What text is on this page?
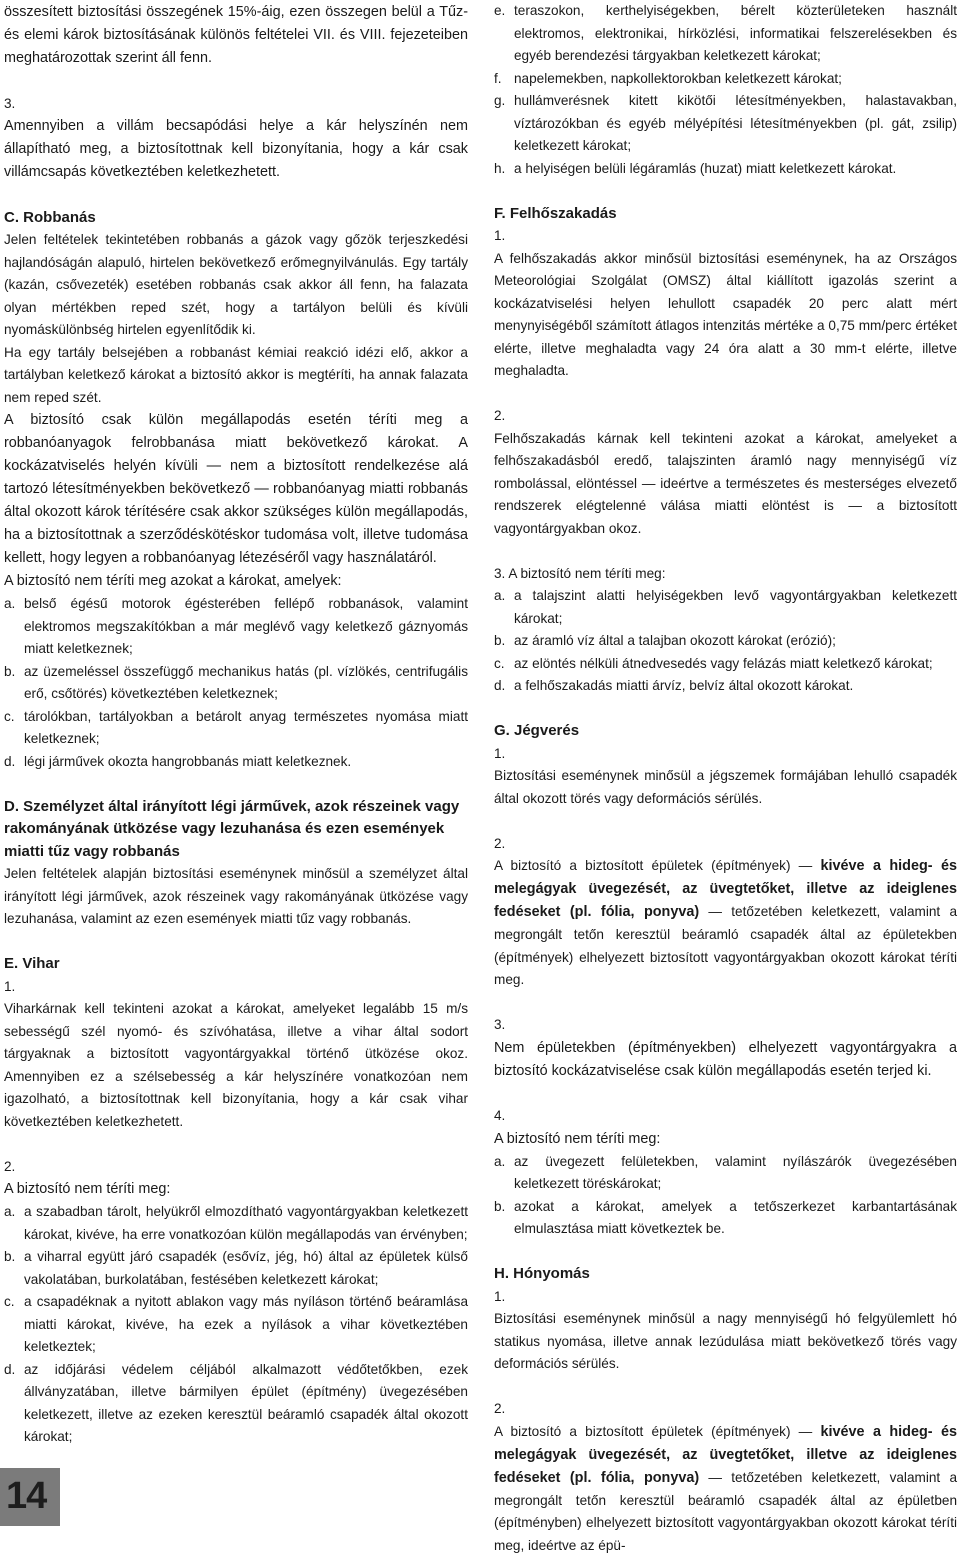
összesített biztosítási összegének 15%-áig, ezen összegen belül a Tűz- és elemi károk biztosításának különös feltételei VII. és VIII. fejezeteiben meghatározottak szerint áll fenn.

3.

Amennyiben a villám becsapódási helye a kár helyszínén nem állapítható meg, a biztosítottnak kell bizonyítania, hogy a kár csak villámcsapás következtében keletkezhetett.

C. Robbanás

Jelen feltételek tekintetében robbanás a gázok vagy gőzök terjeszkedési hajlandóságán alapuló, hirtelen bekövetkező erőmegnyilvánulás. Egy tartály (kazán, csővezeték) esetében robbanás csak akkor áll fenn, ha falazata olyan mértékben reped szét, hogy a tartályon belüli és kívüli nyomáskülönbség hirtelen egyenlítődik ki.

Ha egy tartály belsejében a robbanást kémiai reakció idézi elő, akkor a tartályban keletkező károkat a biztosító akkor is megtéríti, ha annak falazata nem reped szét.

A biztosító csak külön megállapodás esetén téríti meg a robbanóanyagok felrobbanása miatt bekövetkező károkat. A kockázatviselés helyén kívüli — nem a biztosított rendelkezése alá tartozó létesítményekben bekövetkező — robbanóanyag miatti robbanás által okozott károk térítésére csak akkor szükséges külön megállapodás, ha a biztosítottnak a szerződéskötéskor tudomása volt, illetve tudomása kellett, hogy legyen a robbanóanyag létezéséről vagy használatáról.

A biztosító nem téríti meg azokat a károkat, amelyek:

a. belső égésű motorok égésterében fellépő robbanások, valamint elektromos megszakítókban a már meglévő vagy keletkező gáznyomás miatt keletkeznek;
b. az üzemeléssel összefüggő mechanikus hatás (pl. vízlökés, centrifugális erő, csőtörés) következtében keletkeznek;
c. tárolókban, tartályokban a betárolt anyag természetes nyomása miatt keletkeznek;
d. légi járművek okozta hangrobbanás miatt keletkeznek.
D. Személyzet által irányított légi járművek, azok részeinek vagy rakományának ütközése vagy lezuhanása és ezen események miatti tűz vagy robbanás

Jelen feltételek alapján biztosítási eseménynek minősül a személyzet által irányított légi járművek, azok részeinek vagy rakományának ütközése vagy lezuhanása, valamint az ezen események miatti tűz vagy robbanás.

E. Vihar
1.

Viharkárnak kell tekinteni azokat a károkat, amelyeket legalább 15 m/s sebességű szél nyomó- és szívóhatása, illetve a vihar által sodort tárgyaknak a biztosított vagyontárgyakkal történő ütközése okoz. Amennyiben ez a szélsebesség a kár helyszínére vonatkozóan nem igazolható, a biztosítottnak kell bizonyítania, hogy a kár csak vihar következtében keletkezhetett.

2.

A biztosító nem téríti meg:

a. a szabadban tárolt, helyükről elmozdítható vagyontárgyakban keletkezett károkat, kivéve, ha erre vonatkozóan külön megállapodás van érvényben;
b. a viharral együtt járó csapadék (esővíz, jég, hó) által az épületek külső vakolatában, burkolatában, festésében keletkezett károkat;
c. a csapadéknak a nyitott ablakon vagy más nyíláson történő beáramlása miatti károkat, kivéve, ha ezek a nyílások a vihar következtében keletkeztek;
d. az időjárási védelem céljából alkalmazott védőtetőkben, ezek állványzatában, illetve bármilyen épület (építmény) üvegezésében keletkezett, illetve az ezeken keresztül beáramló csapadék által okozott károkat;
e. teraszokon, kerthelyiségekben, bérelt közterületeken használt elektromos, elektronikai, hírközlési, informatikai felszerelésekben és egyéb berendezési tárgyakban keletkezett károkat;
f. napelemekben, napkollektorokban keletkezett károkat;
g. hullámverésnek kitett kikötői létesítményekben, halastavakban, víztározókban és egyéb mélyépítési létesítményekben (pl. gát, zsilip) keletkezett károkat;
h. a helyiségen belüli légáramlás (huzat) miatt keletkezett károkat.
F. Felhőszakadás
1.

A felhőszakadás akkor minősül biztosítási eseménynek, ha az Országos Meteorológiai Szolgálat (OMSZ) által kiállított igazolás szerint a kockázatviselési helyen lehullott csapadék 20 perc alatt mért menynyiségéből számított átlagos intenzitás mértéke a 0,75 mm/perc értéket elérte, illetve meghaladta vagy 24 óra alatt a 30 mm-t elérte, illetve meghaladta.

2.

Felhőszakadás kárnak kell tekinteni azokat a károkat, amelyeket a felhőszakadásból eredő, talajszinten áramló nagy mennyiségű víz rombolással, elöntéssel — ideértve a természetes és mesterséges elvezető rendszerek elégtelenné válása miatti elöntést is — a biztosított vagyontárgyakban okoz.

3. A biztosító nem téríti meg:
a. a talajszint alatti helyiségekben levő vagyontárgyakban keletkezett károkat;
b. az áramló víz által a talajban okozott károkat (erózió);
c. az elöntés nélküli átnedvesedés vagy felázás miatt keletkező károkat;
d. a felhőszakadás miatti árvíz, belvíz által okozott károkat.
G. Jégverés
1.

Biztosítási eseménynek minősül a jégszemek formájában lehulló csapadék által okozott törés vagy deformációs sérülés.

2.

A biztosító a biztosított épületek (építmények) — kivéve a hideg- és melegágyak üvegezését, az üvegtetőket, illetve az ideiglenes fedéseket (pl. fólia, ponyva) — tetőzetében keletkezett, valamint a megrongált tetőn keresztül beáramló csapadék által az épületekben (építmények) elhelyezett biztosított vagyontárgyakban okozott károkat téríti meg.

3.

Nem épületekben (építményekben) elhelyezett vagyontárgyakra a biztosító kockázatviselése csak külön megállapodás esetén terjed ki.

4.

A biztosító nem téríti meg:

a. az üvegezett felületekben, valamint nyílászárók üvegezésében keletkezett töréskárokat;
b. azokat a károkat, amelyek a tetőszerkezet karbantartásának elmulasztása miatt következtek be.
H. Hónyomás
1.

Biztosítási eseménynek minősül a nagy mennyiségű hó felgyülemlett hó statikus nyomása, illetve annak lezúdulása miatt bekövetkező törés vagy deformációs sérülés.

2.

A biztosító a biztosított épületek (építmények) — kivéve a hideg- és melegágyak üvegezését, az üvegtetőket, illetve az ideiglenes fedéseket (pl. fólia, ponyva) — tetőzetében keletkezett, valamint a megrongált tetőn keresztül beáramló csapadék által az épületben (építményben) elhelyezett biztosított vagyontárgyakban okozott károkat téríti meg, ideértve az épü-

14
